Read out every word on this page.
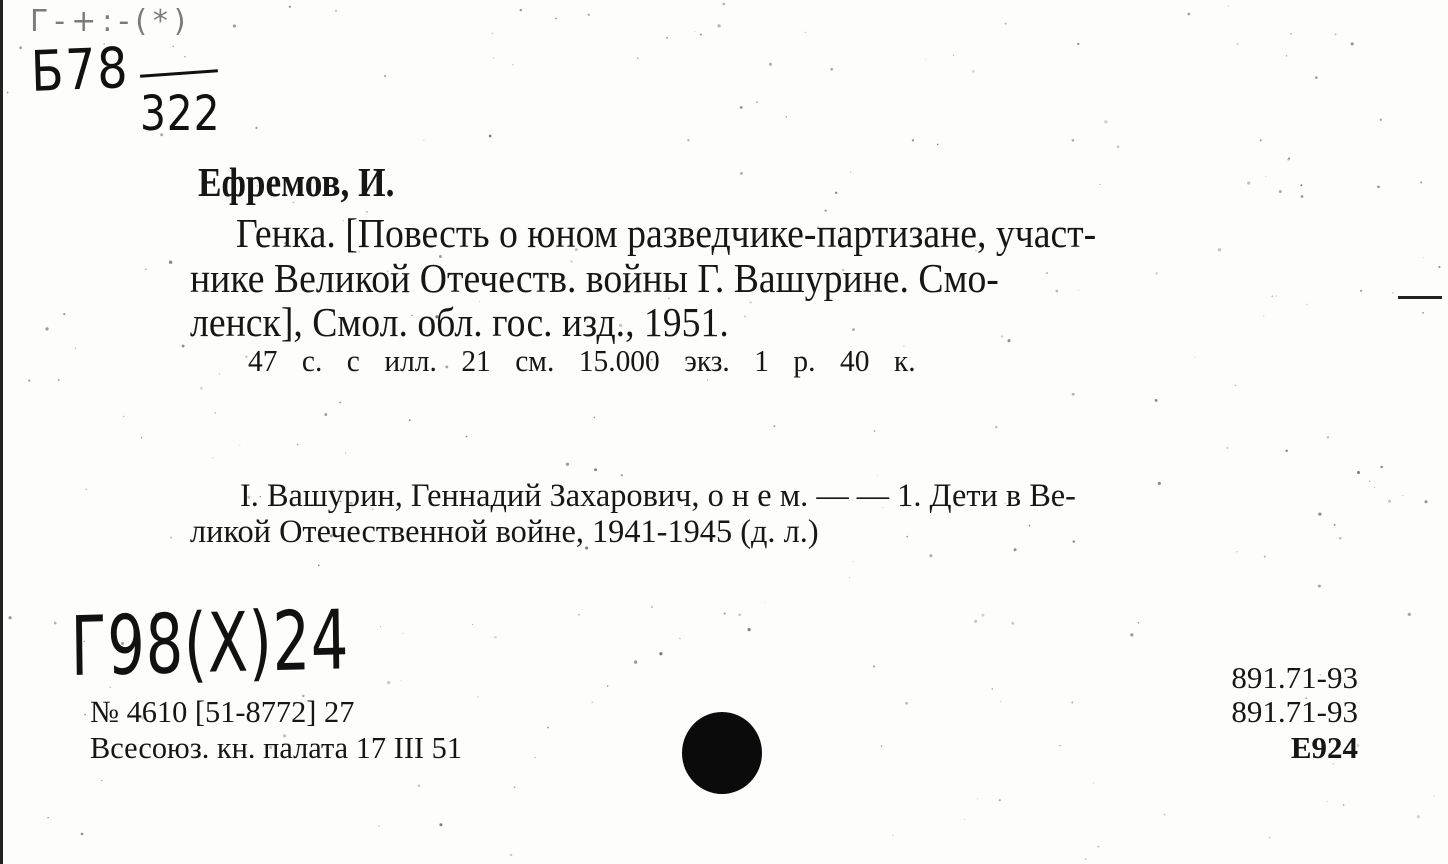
Г-+:-(*)
Б78
322
Ефремов, И.
Генка. [Повесть о юном разведчике-партизане, участ-
нике Великой Отечеств. войны Г. Вашурине. Смо-
ленск], Смол. обл. гос. изд., 1951.
47 с. с илл. 21 см. 15.000 экз. 1 р. 40 к.
I. Вашурин, Геннадий Захарович, о н е м. — — 1. Дети в Ве-
ликой Отечественной войне, 1941-1945 (д. л.)
Г98(Х)24
№ 4610 [51-8772] 27
Всесоюз. кн. палата 17 III 51
891.71-93
891.71-93
Е924
